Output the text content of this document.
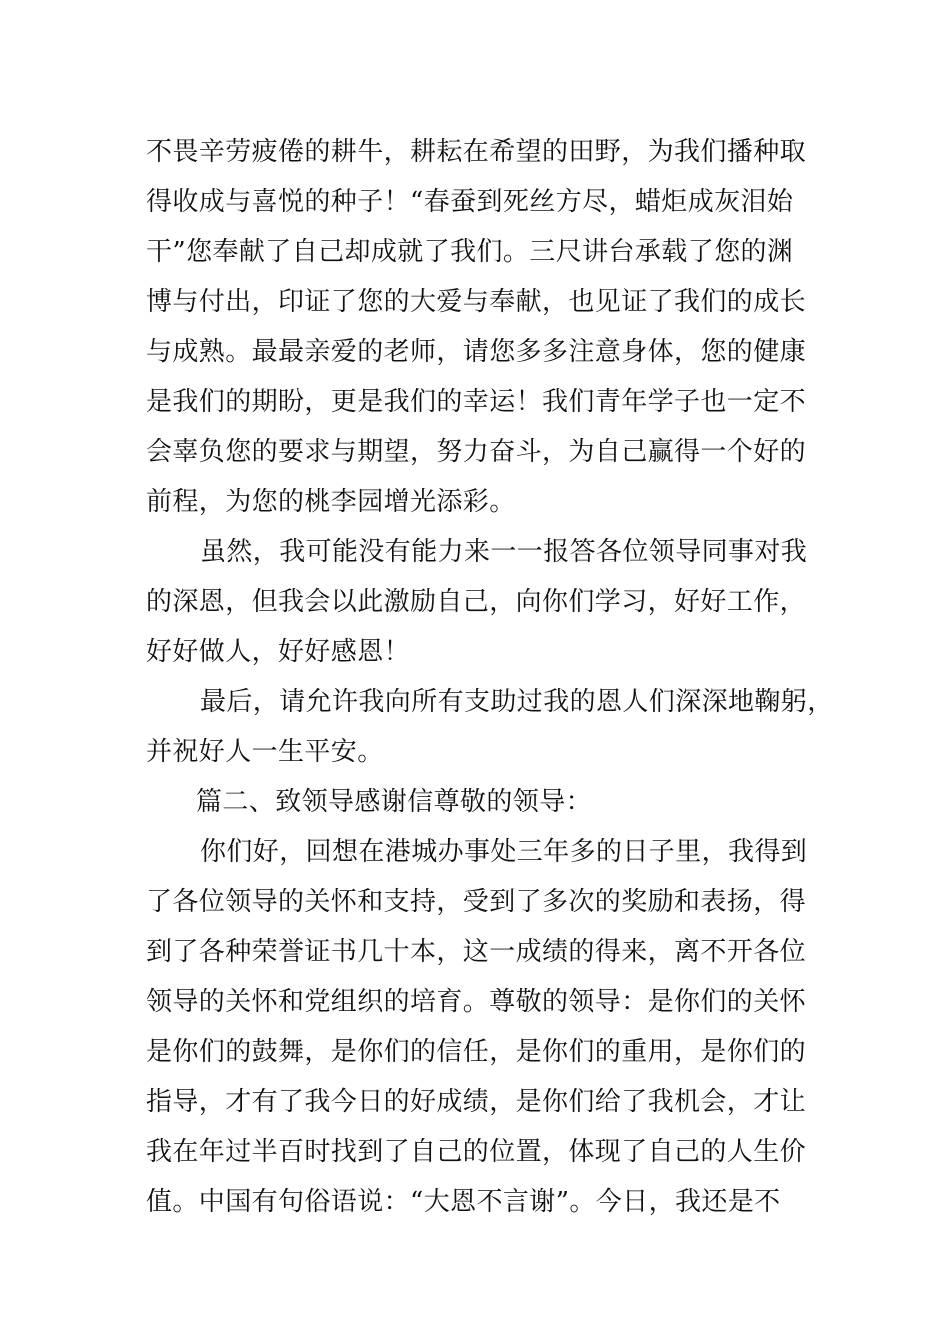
不畏辛劳疲倦的耕牛，耕耘在希望的田野，为我们播种取
得收成与喜悦的种子！“春蚕到死丝方尽，蜡炬成灰泪始
干”您奉献了自己却成就了我们。三尺讲台承载了您的渊
博与付出，印证了您的大爱与奉献，也见证了我们的成长
与成熟。最最亲爱的老师，请您多多注意身体，您的健康
是我们的期盼，更是我们的幸运！我们青年学子也一定不
会辜负您的要求与期望，努力奋斗，为自己赢得一个好的
前程，为您的桃李园增光添彩。
虽然，我可能没有能力来一一报答各位领导同事对我
的深恩，但我会以此激励自己，向你们学习，好好工作，
好好做人，好好感恩！
最后，请允许我向所有支助过我的恩人们深深地鞠躬，
并祝好人一生平安。
篇二、致领导感谢信尊敬的领导：
你们好，回想在港城办事处三年多的日子里，我得到
了各位领导的关怀和支持，受到了多次的奖励和表扬，得
到了各种荣誉证书几十本，这一成绩的得来，离不开各位
领导的关怀和党组织的培育。尊敬的领导：是你们的关怀
是你们的鼓舞，是你们的信任，是你们的重用，是你们的
指导，才有了我今日的好成绩，是你们给了我机会，才让
我在年过半百时找到了自己的位置，体现了自己的人生价
值。中国有句俗语说：“大恩不言谢”。今日，我还是不
